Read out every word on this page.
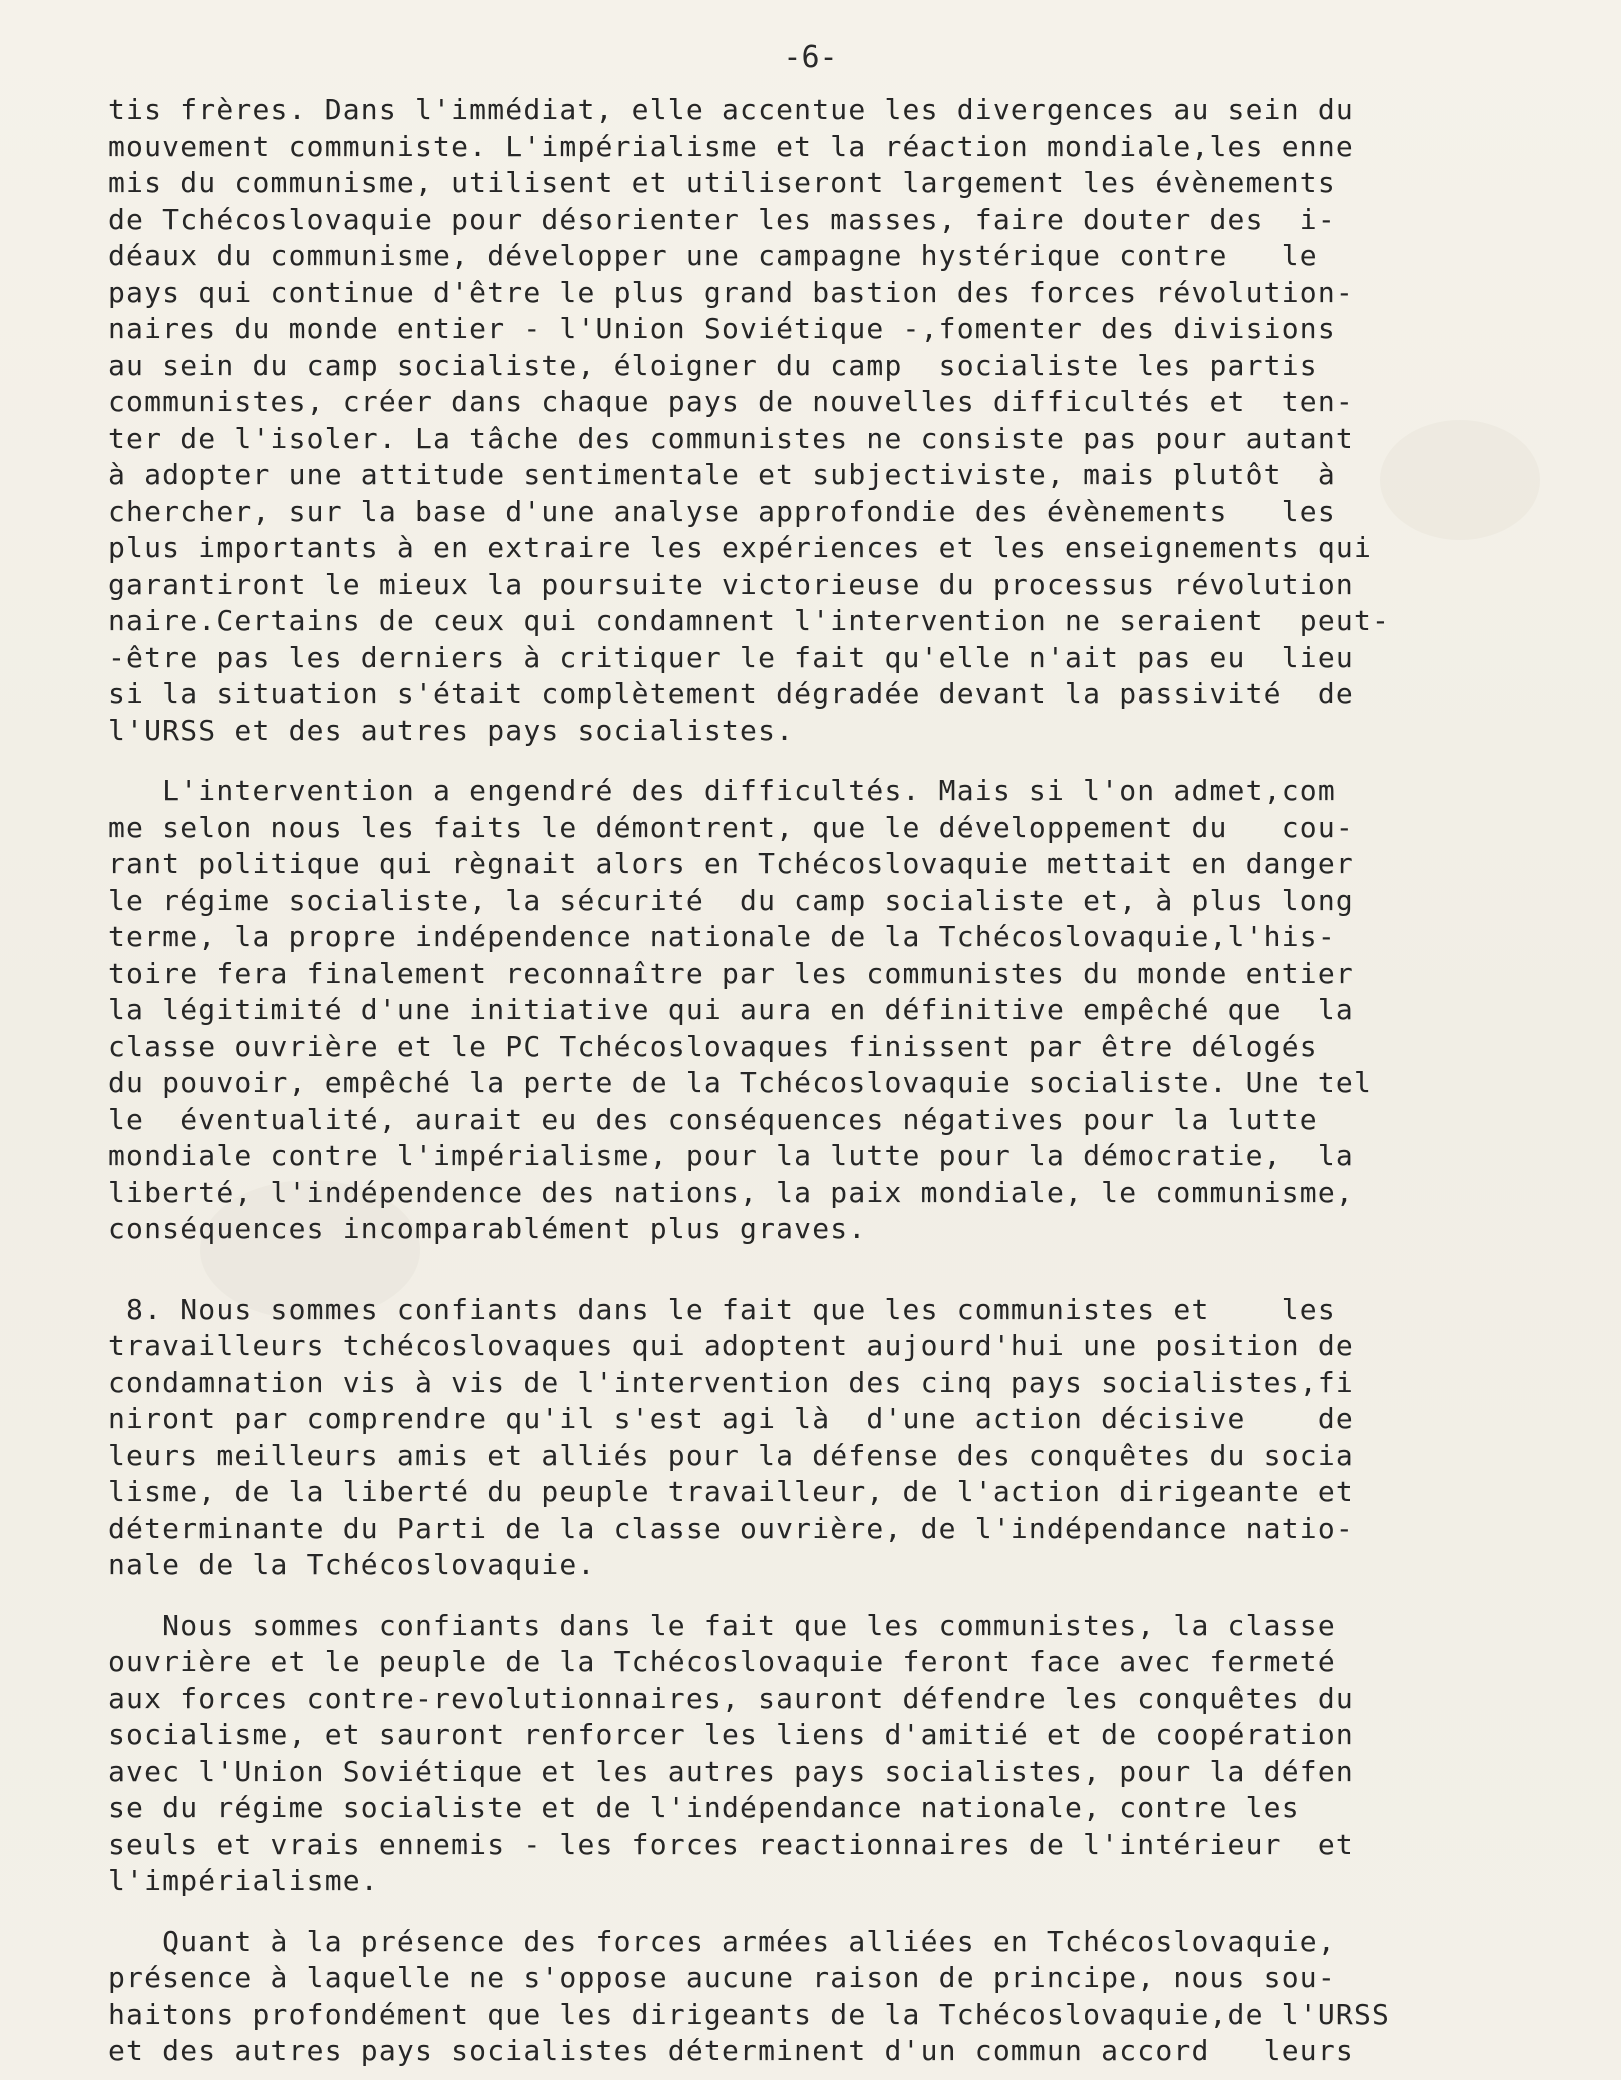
-6-
tis frères. Dans l'immédiat, elle accentue les divergences au sein du
mouvement communiste. L'impérialisme et la réaction mondiale,les enne
mis du communisme, utilisent et utiliseront largement les évènements
de Tchécoslovaquie pour désorienter les masses, faire douter des  i-
déaux du communisme, développer une campagne hystérique contre   le
pays qui continue d'être le plus grand bastion des forces révolution-
naires du monde entier - l'Union Soviétique -,fomenter des divisions
au sein du camp socialiste, éloigner du camp  socialiste les partis
communistes, créer dans chaque pays de nouvelles difficultés et  ten-
ter de l'isoler. La tâche des communistes ne consiste pas pour autant
à adopter une attitude sentimentale et subjectiviste, mais plutôt  à
chercher, sur la base d'une analyse approfondie des évènements   les
plus importants à en extraire les expériences et les enseignements qui
garantiront le mieux la poursuite victorieuse du processus révolution
naire.Certains de ceux qui condamnent l'intervention ne seraient  peut-
-être pas les derniers à critiquer le fait qu'elle n'ait pas eu  lieu
si la situation s'était complètement dégradée devant la passivité  de
l'URSS et des autres pays socialistes.
L'intervention a engendré des difficultés. Mais si l'on admet,com
me selon nous les faits le démontrent, que le développement du   cou-
rant politique qui règnait alors en Tchécoslovaquie mettait en danger
le régime socialiste, la sécurité  du camp socialiste et, à plus long
terme, la propre indépendence nationale de la Tchécoslovaquie,l'his-
toire fera finalement reconnaître par les communistes du monde entier
la légitimité d'une initiative qui aura en définitive empêché que  la
classe ouvrière et le PC Tchécoslovaques finissent par être délogés
du pouvoir, empêché la perte de la Tchécoslovaquie socialiste. Une tel
le  éventualité, aurait eu des conséquences négatives pour la lutte
mondiale contre l'impérialisme, pour la lutte pour la démocratie,  la
liberté, l'indépendence des nations, la paix mondiale, le communisme,
conséquences incomparablément plus graves.
8. Nous sommes confiants dans le fait que les communistes et    les
travailleurs tchécoslovaques qui adoptent aujourd'hui une position de
condamnation vis à vis de l'intervention des cinq pays socialistes,fi
niront par comprendre qu'il s'est agi là  d'une action décisive    de
leurs meilleurs amis et alliés pour la défense des conquêtes du socia
lisme, de la liberté du peuple travailleur, de l'action dirigeante et
déterminante du Parti de la classe ouvrière, de l'indépendance natio-
nale de la Tchécoslovaquie.
Nous sommes confiants dans le fait que les communistes, la classe
ouvrière et le peuple de la Tchécoslovaquie feront face avec fermeté
aux forces contre-revolutionnaires, sauront défendre les conquêtes du
socialisme, et sauront renforcer les liens d'amitié et de coopération
avec l'Union Soviétique et les autres pays socialistes, pour la défen
se du régime socialiste et de l'indépendance nationale, contre les
seuls et vrais ennemis - les forces reactionnaires de l'intérieur  et
l'impérialisme.
Quant à la présence des forces armées alliées en Tchécoslovaquie,
présence à laquelle ne s'oppose aucune raison de principe, nous sou-
haitons profondément que les dirigeants de la Tchécoslovaquie,de l'URSS
et des autres pays socialistes déterminent d'un commun accord   leurs
